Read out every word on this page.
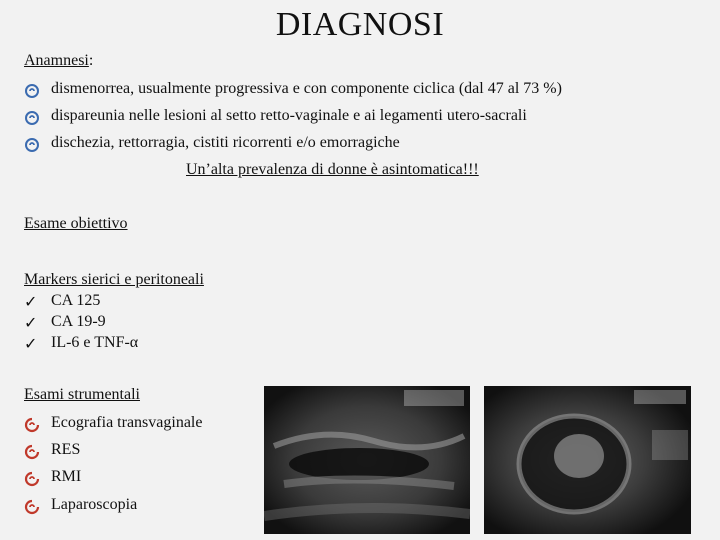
DIAGNOSI
Anamnesi:
dismenorrea, usualmente progressiva e con componente ciclica (dal 47 al 73 %)
dispareunia nelle lesioni al setto retto-vaginale e ai legamenti utero-sacrali
dischezia, rettorragia, cistiti ricorrenti e/o emorragiche
Un’alta prevalenza di donne è asintomatica!!!
Esame obiettivo
Markers sierici e peritoneali
✓ CA 125
✓ CA 19-9
✓ IL-6 e TNF-α
Esami strumentali
Ecografia transvaginale
RES
RMI
Laparoscopia
